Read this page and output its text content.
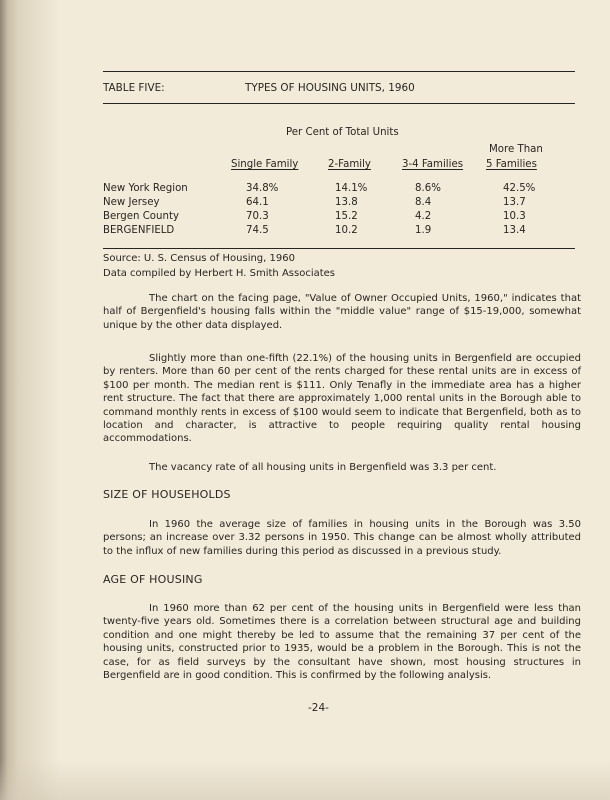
TABLE FIVE:	TYPES OF HOUSING UNITS, 1960
Per Cent of Total Units
More Than
Single Family	2-Family	3-4 Families 5 Families
New York Region	34.8%	14.1%	8.6%	42.5%
New Jersey	64.1	13.8	8.4	13.7
Bergen County	70.3	15.2	4.2	10.3
BERGENFIELD	74.5	10.2	1.9	13.4
Source: U. S. Census of Housing, 1960
Data compiled by Herbert H. Smith Associates
The chart on the facing page, "Value of Owner Occupied Units, 1960," indicates that half of Bergenfield's housing falls within the "middle value" range of $15-19,000, somewhat unique by the other data displayed.
Slightly more than one-fifth (22.1%) of the housing units in Bergenfield are occupied by renters. More than 60 per cent of the rents charged for these rental units are in excess of $100 per month. The median rent is $111. Only Tenafly in the immediate area has a higher rent structure. The fact that there are approximately 1,000 rental units in the Borough able to command monthly rents in excess of $100 would seem to indicate that Bergenfield, both as to location and character, is attractive to people requiring quality rental housing accommodations.
The vacancy rate of all housing units in Bergenfield was 3.3 per cent.
SIZE OF HOUSEHOLDS
In 1960 the average size of families in housing units in the Borough was 3.50 persons; an increase over 3.32 persons in 1950. This change can be almost wholly attributed to the influx of new families during this period as discussed in a previous study.
AGE OF HOUSING
In 1960 more than 62 per cent of the housing units in Bergenfield were less than twenty-five years old. Sometimes there is a correlation between structural age and building condition and one might thereby be led to assume that the remaining 37 per cent of the housing units, constructed prior to 1935, would be a problem in the Borough. This is not the case, for as field surveys by the consultant have shown, most housing structures in Bergenfield are in good condition. This is confirmed by the following analysis.
-24-
